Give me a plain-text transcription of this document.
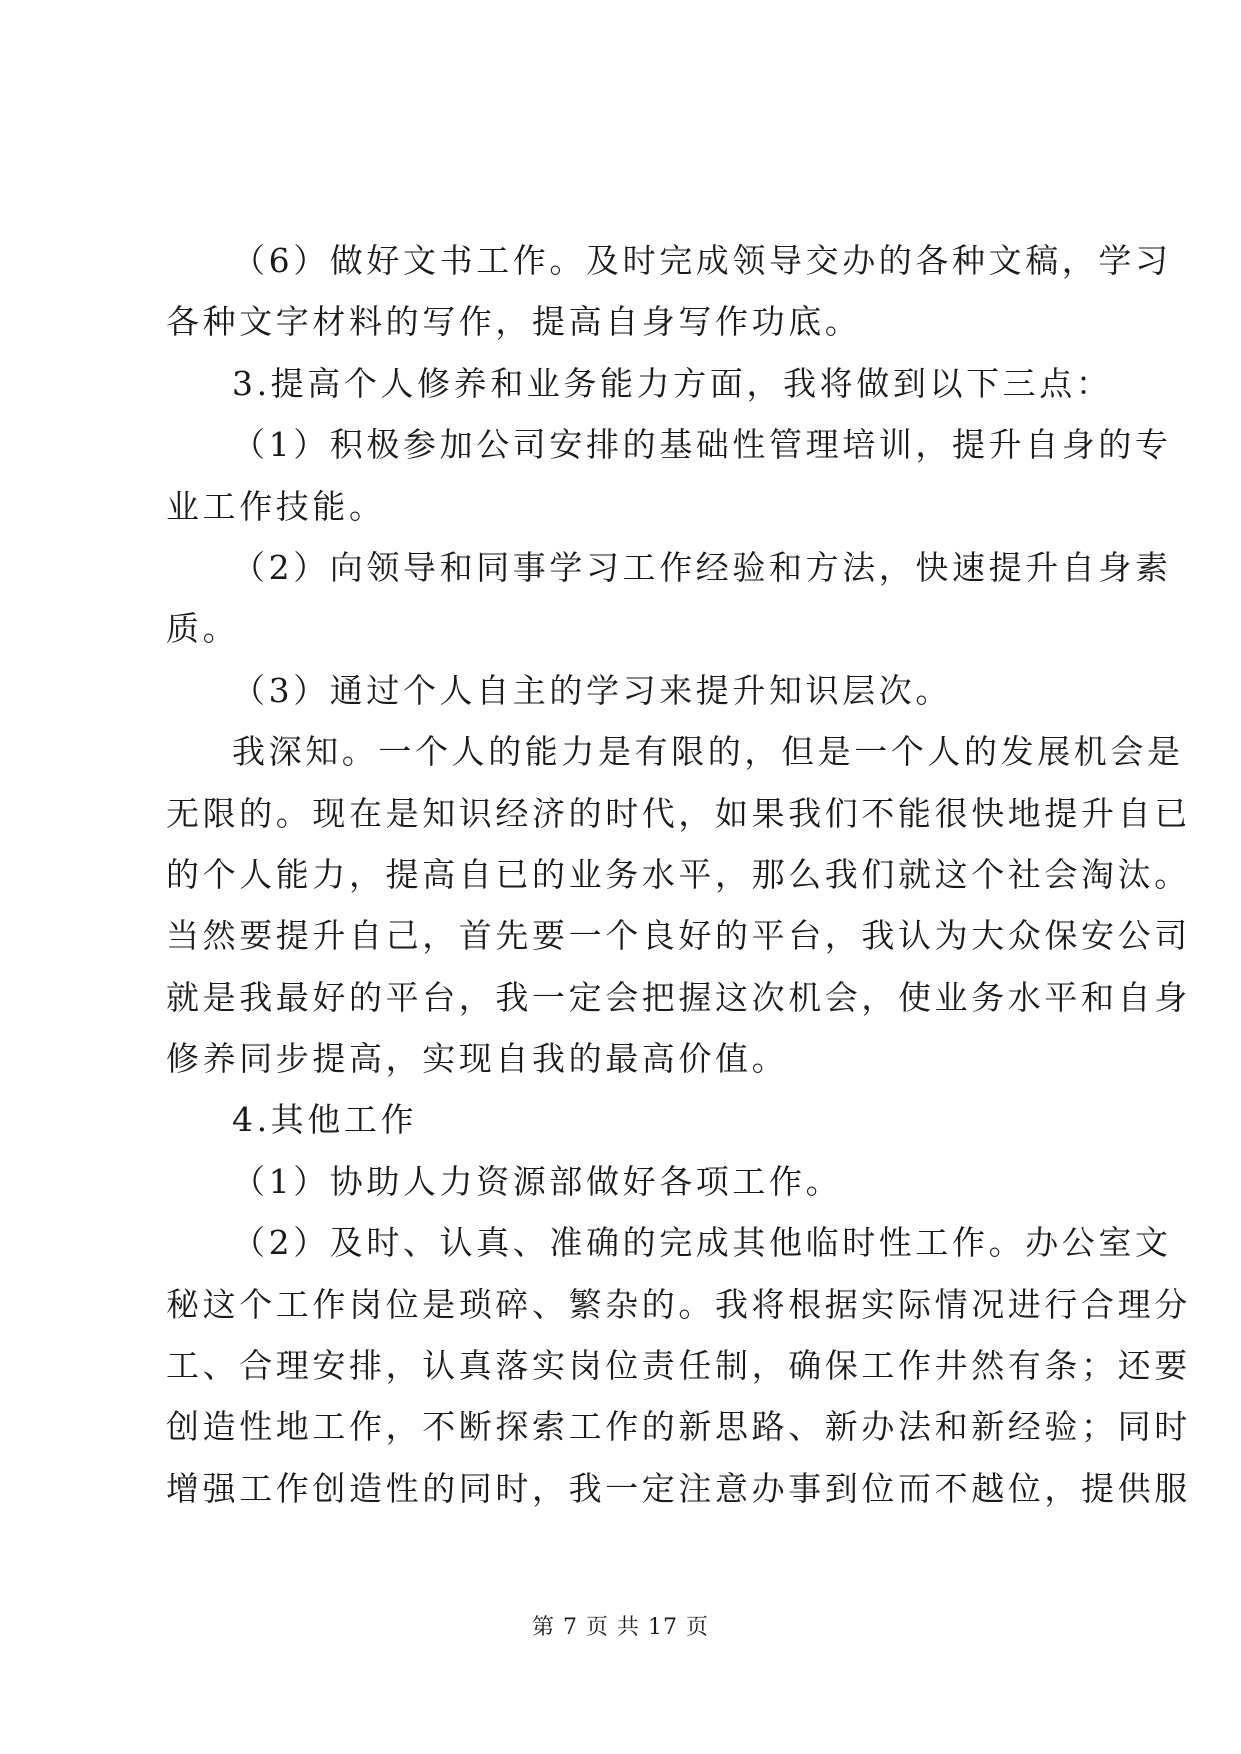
（6）做好文书工作。及时完成领导交办的各种文稿，学习
各种文字材料的写作，提高自身写作功底。
3.提高个人修养和业务能力方面，我将做到以下三点：
（1）积极参加公司安排的基础性管理培训，提升自身的专
业工作技能。
（2）向领导和同事学习工作经验和方法，快速提升自身素
质。
（3）通过个人自主的学习来提升知识层次。
我深知。一个人的能力是有限的，但是一个人的发展机会是
无限的。现在是知识经济的时代，如果我们不能很快地提升自已
的个人能力，提高自已的业务水平，那么我们就这个社会淘汰。
当然要提升自己，首先要一个良好的平台，我认为大众保安公司
就是我最好的平台，我一定会把握这次机会，使业务水平和自身
修养同步提高，实现自我的最高价值。
4.其他工作
（1）协助人力资源部做好各项工作。
（2）及时、认真、准确的完成其他临时性工作。办公室文
秘这个工作岗位是琐碎、繁杂的。我将根据实际情况进行合理分
工、合理安排，认真落实岗位责任制，确保工作井然有条；还要
创造性地工作，不断探索工作的新思路、新办法和新经验；同时
增强工作创造性的同时，我一定注意办事到位而不越位，提供服
第 7 页 共 17 页
